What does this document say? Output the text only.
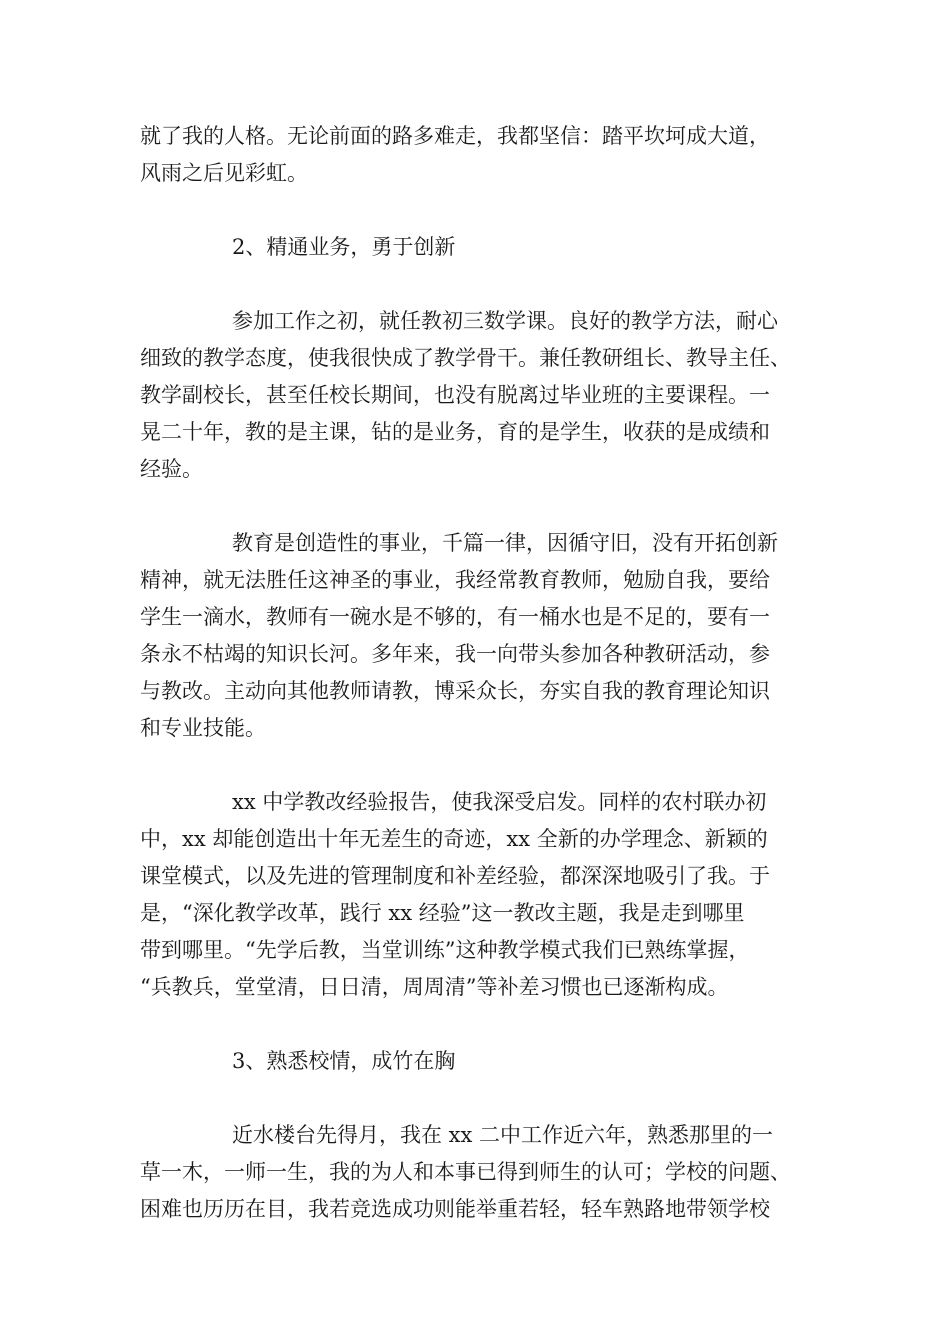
就了我的人格。无论前面的路多难走，我都坚信：踏平坎坷成大道，
风雨之后见彩虹。
2、精通业务，勇于创新
参加工作之初，就任教初三数学课。良好的教学方法，耐心
细致的教学态度，使我很快成了教学骨干。兼任教研组长、教导主任、
教学副校长，甚至任校长期间，也没有脱离过毕业班的主要课程。一
晃二十年，教的是主课，钻的是业务，育的是学生，收获的是成绩和
经验。
教育是创造性的事业，千篇一律，因循守旧，没有开拓创新
精神，就无法胜任这神圣的事业，我经常教育教师，勉励自我，要给
学生一滴水，教师有一碗水是不够的，有一桶水也是不足的，要有一
条永不枯竭的知识长河。多年来，我一向带头参加各种教研活动，参
与教改。主动向其他教师请教，博采众长，夯实自我的教育理论知识
和专业技能。
xx 中学教改经验报告，使我深受启发。同样的农村联办初
中，xx 却能创造出十年无差生的奇迹，xx 全新的办学理念、新颖的
课堂模式，以及先进的管理制度和补差经验，都深深地吸引了我。于
是，“深化教学改革，践行 xx 经验”这一教改主题，我是走到哪里
带到哪里。“先学后教，当堂训练”这种教学模式我们已熟练掌握，
“兵教兵，堂堂清，日日清，周周清”等补差习惯也已逐渐构成。
3、熟悉校情，成竹在胸
近水楼台先得月，我在 xx 二中工作近六年，熟悉那里的一
草一木，一师一生，我的为人和本事已得到师生的认可；学校的问题、
困难也历历在目，我若竞选成功则能举重若轻，轻车熟路地带领学校
